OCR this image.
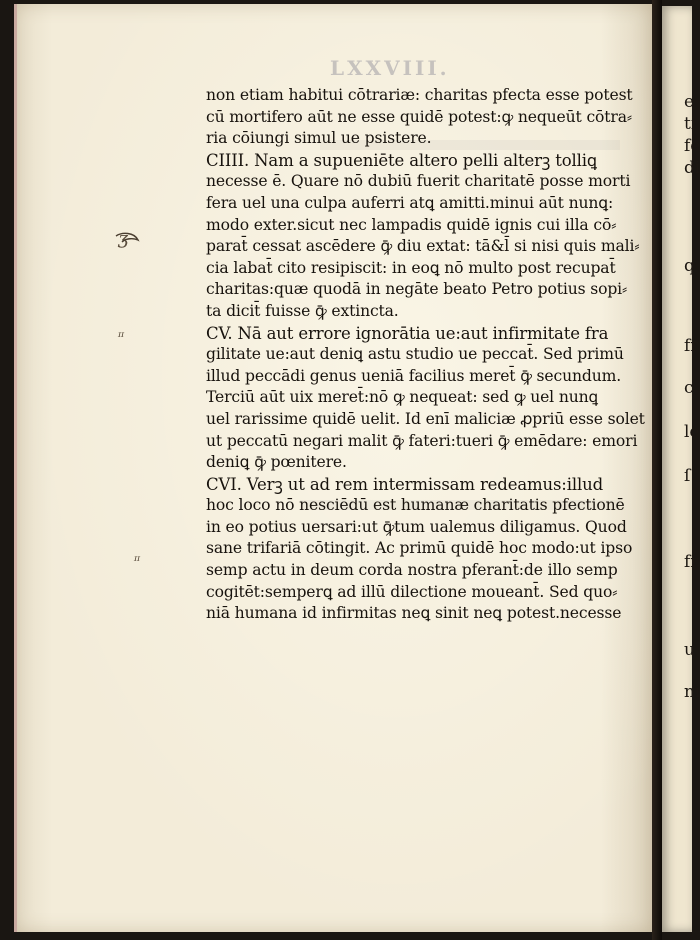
e
ti
fe
di
q
fr
c
le
ſ
fr
u
ni
LXXVIII.
non etiam habitui cōtrariæ: charitas pfecta esse potest
cū mortifero aūt ne esse quidē potest:ꝙ nequeūt cōtra⸗
ria cōiungi simul ue psistere.
CIIII. Nam a supueniēte altero pelli alterꝫ tolliꝗ
necesse ē. Quare nō dubiū fuerit charitatē posse morti
fera uel una culpa auferri atꝗ amitti.minui aūt nunꝗ:
modo exter.sicut nec lampadis quidē ignis cui illa cō⸗
parat̄ cessat ascēdere ꝙ̄ diu extat: tā&l̄ si nisi quis mali⸗
cia labat̄ cito resipiscit: in eoꝗ nō multo post recupat̄
charitas:quæ quodā in negāte beato Petro potius sopi⸗
ta dicit̄ fuisse ꝙ̄ extincta.
CV. Nā aut errore ignorātia ue:aut infirmitate fra
gilitate ue:aut deniꝗ astu studio ue peccat̄. Sed primū
illud peccādi genus ueniā facilius meret̄ ꝙ̄ secundum.
Terciū aūt uix meret̄:nō ꝙ nequeat: sed ꝙ uel nunꝗ
uel rarissime quidē uelit. Id enī maliciæ ꝓpriū esse solet
ut peccatū negari malit ꝙ̄ fateri:tueri ꝙ̄ emēdare: emori
deniꝗ ꝙ̄ pœnitere.
CVI. Verꝫ ut ad rem intermissam redeamus:illud
hoc loco nō nesciēdū est humanæ charitatis pfectionē
in eo potius uersari:ut ꝙ̄tum ualemus diligamus. Quod
sane trifariā cōtingit. Ac primū quidē hoc modo:ut ipso
semp actu in deum corda nostra pferant̄:de illo semp
cogitēt:semperꝗ ad illū dilectione moueant̄. Sed quo⸗
niā humana id infirmitas neꝗ sinit neꝗ potest.necesse
ʒ
ᶦᶦ
ᶦᶦ
